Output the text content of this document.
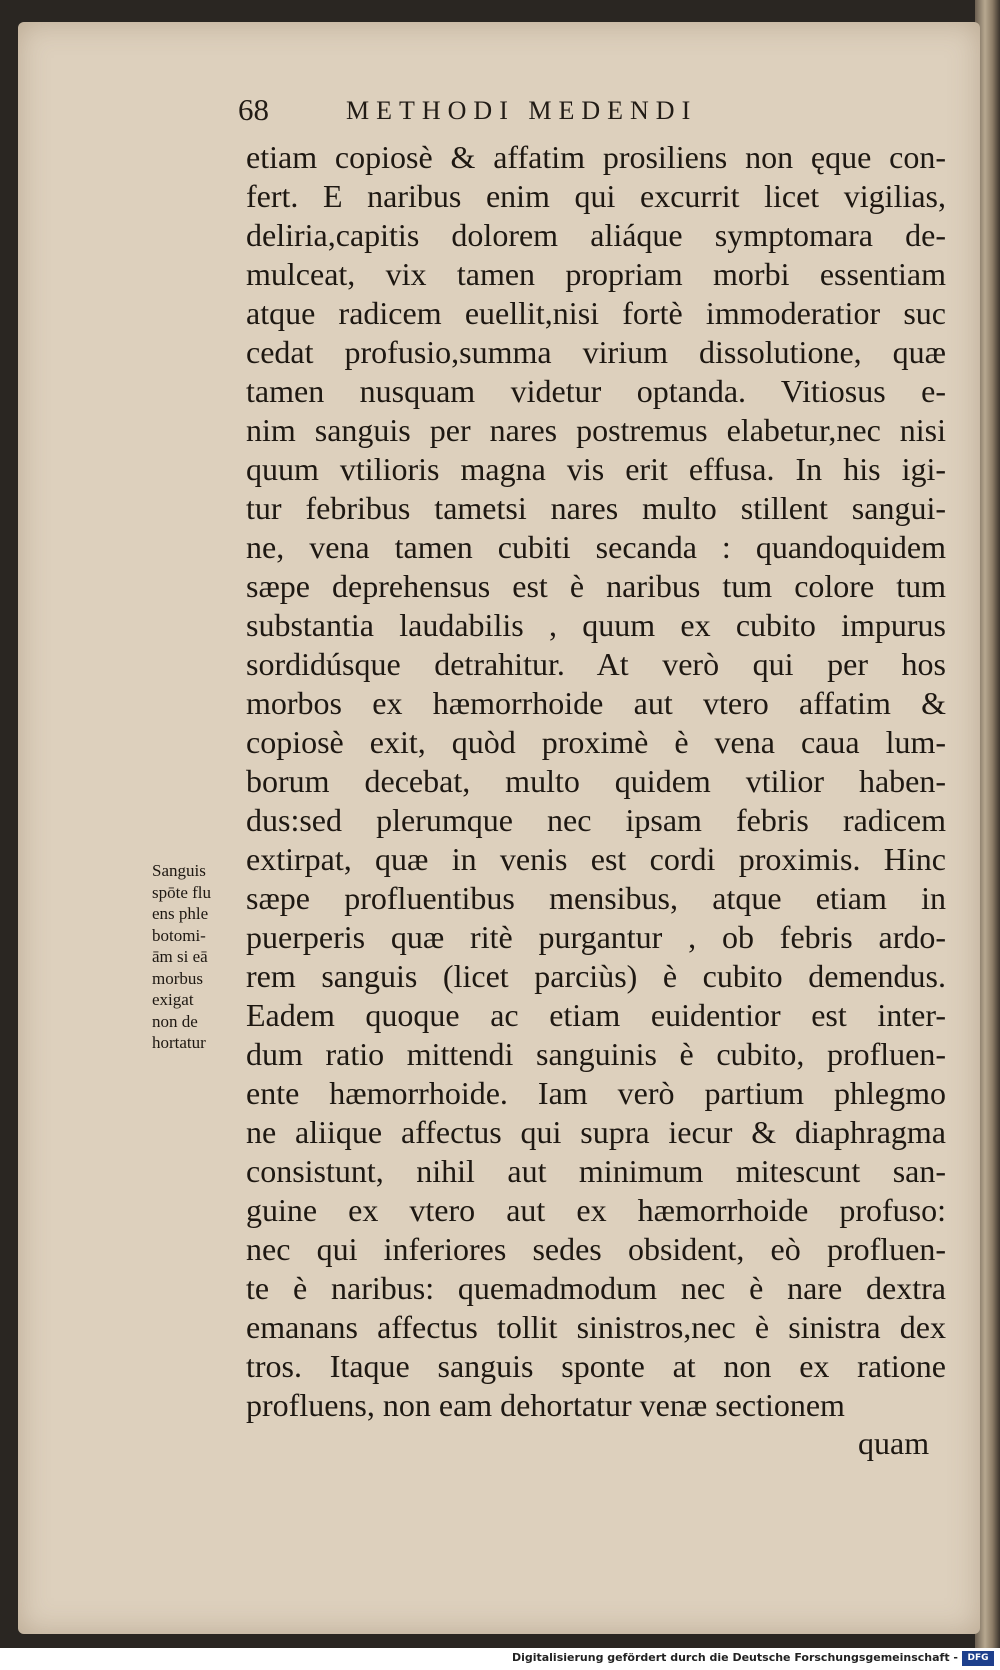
68	METHODI MEDENDI
etiam copiosè & affatim prosiliens non ęque con-
fert. E naribus enim qui excurrit licet vigilias,
deliria,capitis dolorem aliáque symptomara de-
mulceat, vix tamen propriam morbi essentiam
atque radicem euellit,nisi fortè immoderatior suc
cedat profusio,summa virium dissolutione, quæ
tamen nusquam videtur optanda. Vitiosus e-
nim sanguis per nares postremus elabetur,nec nisi
quum vtilioris magna vis erit effusa. In his igi-
tur febribus tametsi nares multo stillent sangui-
ne, vena tamen cubiti secanda : quandoquidem
sæpe deprehensus est è naribus tum colore tum
substantia laudabilis , quum ex cubito impurus
sordidúsque detrahitur. At verò qui per hos
morbos ex hæmorrhoide aut vtero affatim &
copiosè exit, quòd proximè è vena caua lum-
borum decebat, multo quidem vtilior haben-
dus:sed plerumque nec ipsam febris radicem
extirpat, quæ in venis est cordi proximis. Hinc
sæpe profluentibus mensibus, atque etiam in
puerperis quæ ritè purgantur , ob febris ardo-
rem sanguis (licet parciùs) è cubito demendus.
Eadem quoque ac etiam euidentior est inter-
dum ratio mittendi sanguinis è cubito, profluen-
ente hæmorrhoide. Iam verò partium phlegmo
ne aliique affectus qui supra iecur & diaphragma
consistunt, nihil aut minimum mitescunt san-
guine ex vtero aut ex hæmorrhoide profuso:
nec qui inferiores sedes obsident, eò profluen-
te è naribus: quemadmodum nec è nare dextra
emanans affectus tollit sinistros,nec è sinistra dex
tros. Itaque sanguis sponte at non ex ratione
profluens, non eam dehortatur venæ sectionem
Sanguis
spōte flu
ens phle
botomi-
ām si eā
morbus
exigat
non de
hortatur
quam
Digitalisierung gefördert durch die Deutsche Forschungsgemeinschaft -	DFG
